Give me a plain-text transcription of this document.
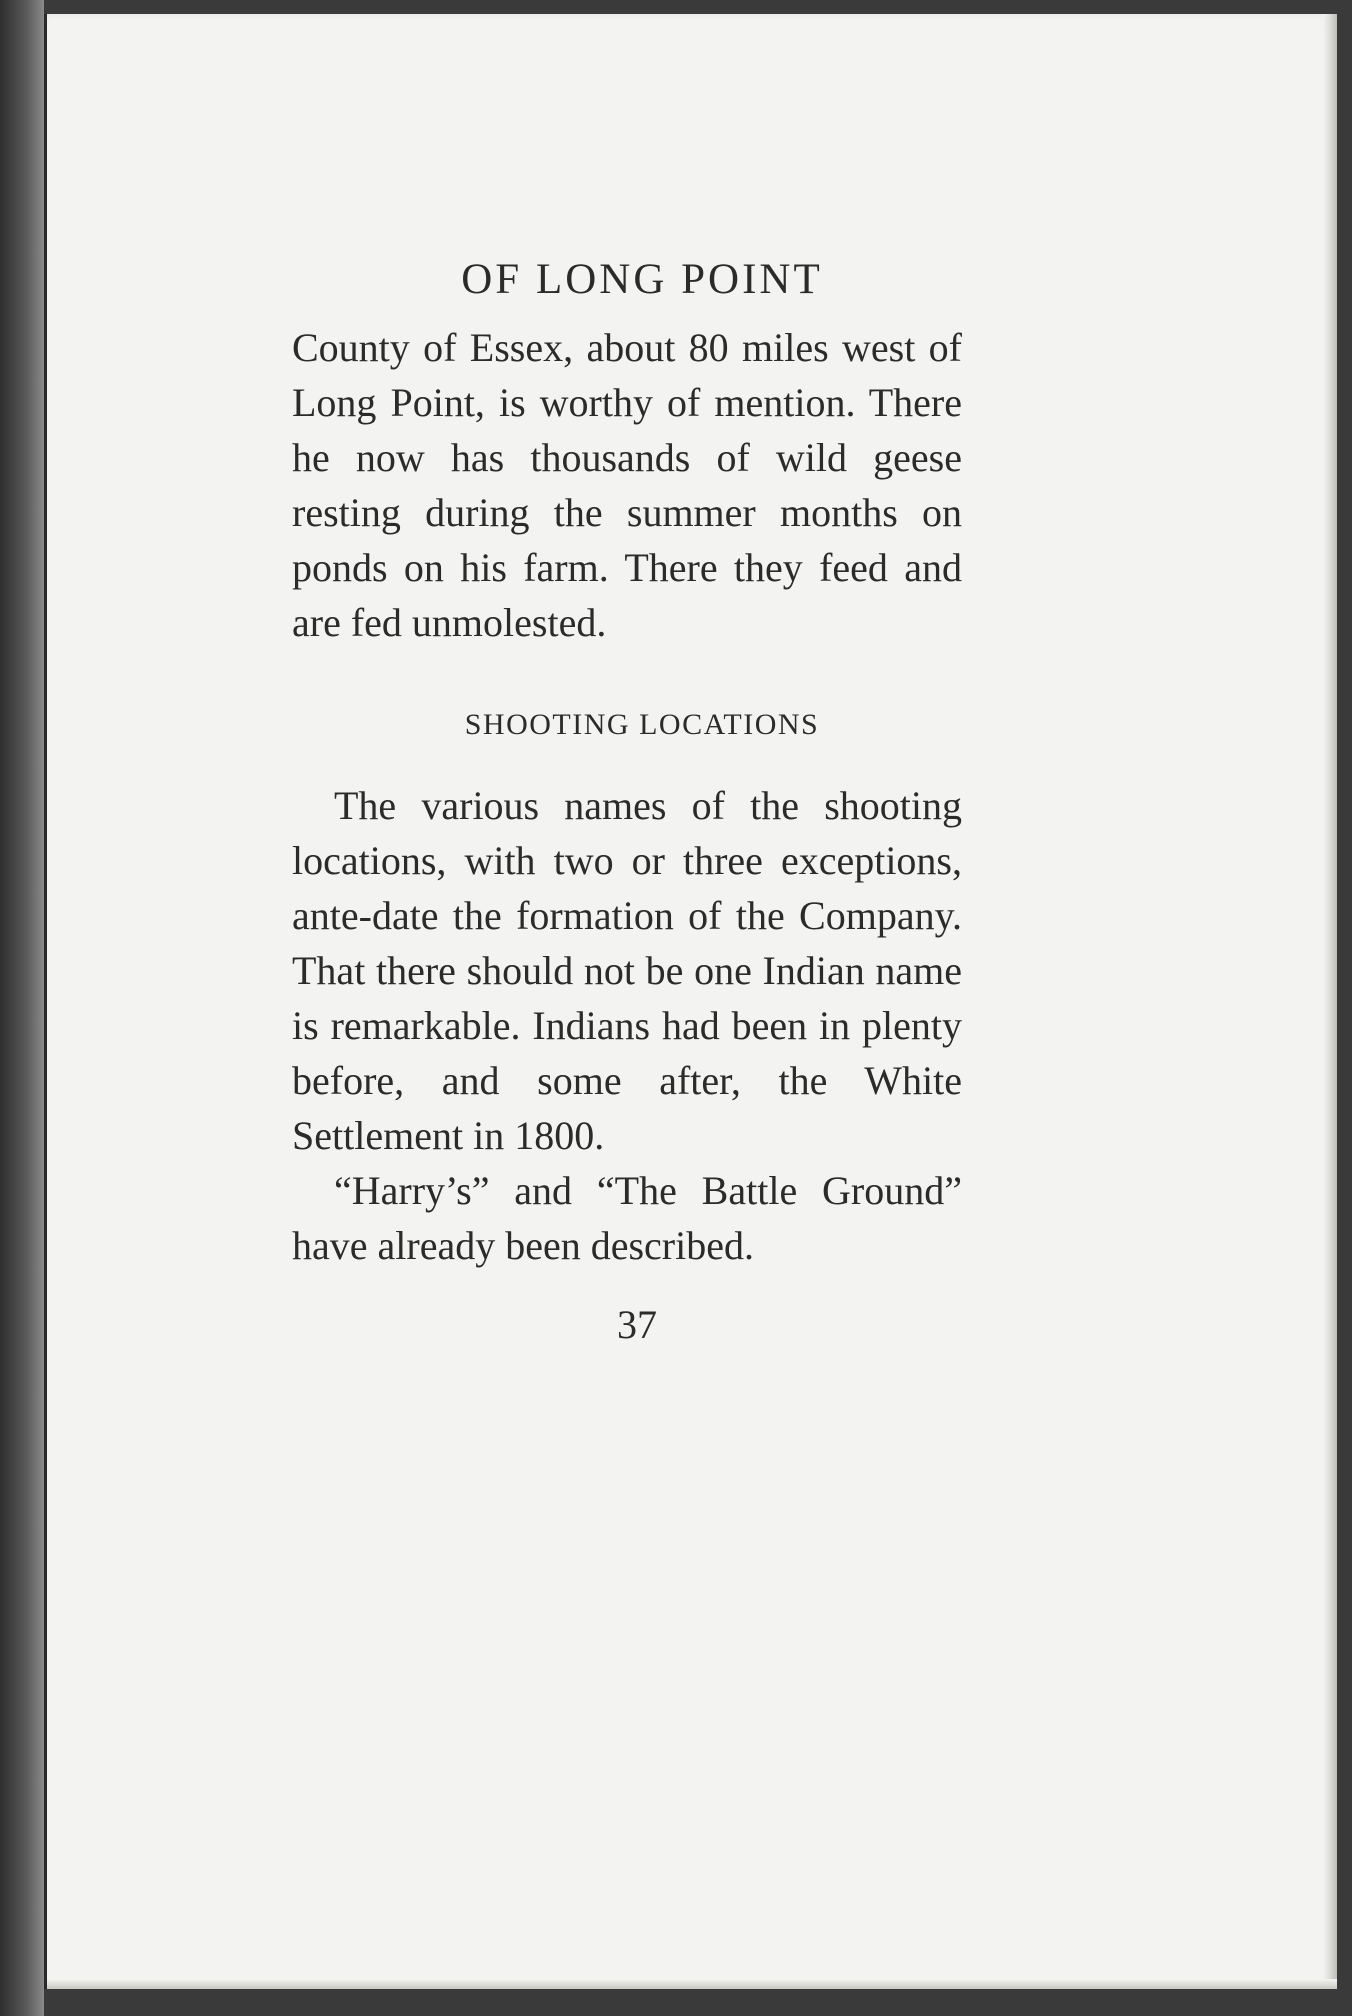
OF LONG POINT

County of Essex, about 80 miles west of Long Point, is worthy of mention. There he now has thousands of wild geese resting during the summer months on ponds on his farm. There they feed and are fed unmolested.

SHOOTING LOCATIONS

The various names of the shooting locations, with two or three exceptions, ante-date the formation of the Company. That there should not be one Indian name is remarkable. Indians had been in plenty before, and some after, the White Settlement in 1800.

“Harry’s” and “The Battle Ground” have already been described.

37
